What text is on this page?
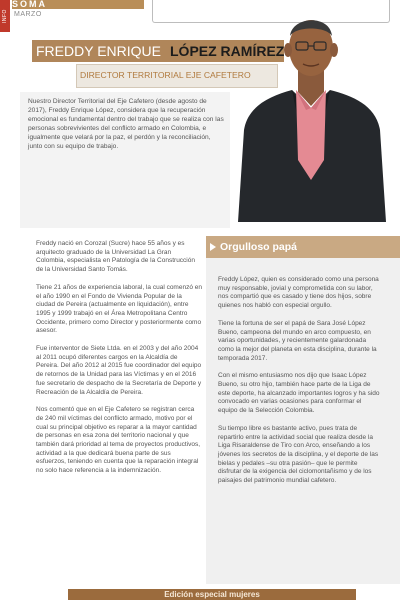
INFO
SOMA
MARZO
FREDDY ENRIQUE LÓPEZ RAMÍREZ
DIRECTOR TERRITORIAL EJE CAFETERO
Nuestro Director Territorial del Eje Cafetero (desde agosto de 2017), Freddy Enrique López, considera que la recuperación emocional es fundamental dentro del trabajo que se realiza con las personas sobrevivientes del conflicto armado en Colombia, e igualmente que velará por la paz, el perdón y la reconciliación, junto con su equipo de trabajo.

Freddy nació en Corozal (Sucre) hace 55 años y es arquitecto graduado de la Universidad La Gran Colombia, especialista en Patología de la Construcción de la Universidad Santo Tomás.

Tiene 21 años de experiencia laboral, la cual comenzó en el año 1990 en el Fondo de Vivienda Popular de la ciudad de Pereira (actualmente en liquidación), entre 1995 y 1999 trabajó en el Área Metropolitana Centro Occidente, primero como Director y posteriormente como asesor.

Fue interventor de Siete Ltda. en el 2003 y del año 2004 al 2011 ocupó diferentes cargos en la Alcaldía de Pereira. Del año 2012 al 2015 fue coordinador del equipo de retornos de la Unidad para las Víctimas y en el 2016 fue secretario de despacho de la Secretaría de Deporte y Recreación de la Alcaldía de Pereira.

Nos comentó que en el Eje Cafetero se registran cerca de 240 mil víctimas del conflicto armado, motivo por el cual su principal objetivo es reparar a la mayor cantidad de personas en esa zona del territorio nacional y que también dará prioridad al tema de proyectos productivos, actividad a la que dedicará buena parte de sus esfuerzos, teniendo en cuenta que la reparación integral no solo hace referencia a la indemnización.

Orgulloso papá

Freddy López, quien es considerado como una persona muy responsable, jovial y comprometida con su labor, nos compartió que es casado y tiene dos hijos, sobre quienes nos habló con especial orgullo.

Tiene la fortuna de ser el papá de Sara José López Bueno, campeona del mundo en arco compuesto, en varias oportunidades, y recientemente galardonada como la mejor del planeta en esta disciplina, durante la temporada 2017.

Con el mismo entusiasmo nos dijo que Isaac López Bueno, su otro hijo, también hace parte de la Liga de este deporte, ha alcanzado importantes logros y ha sido convocado en varias ocasiones para conformar el equipo de la Selección Colombia.

Su tiempo libre es bastante activo, pues trata de repartirlo entre la actividad social que realiza desde la Liga Risaraldense de Tiro con Arco, enseñando a los jóvenes los secretos de la disciplina, y el deporte de las bielas y pedales –su otra pasión– que le permite disfrutar de la exigencia del ciclomontañismo y de los paisajes del patrimonio mundial cafetero.

Edición especial mujeres
